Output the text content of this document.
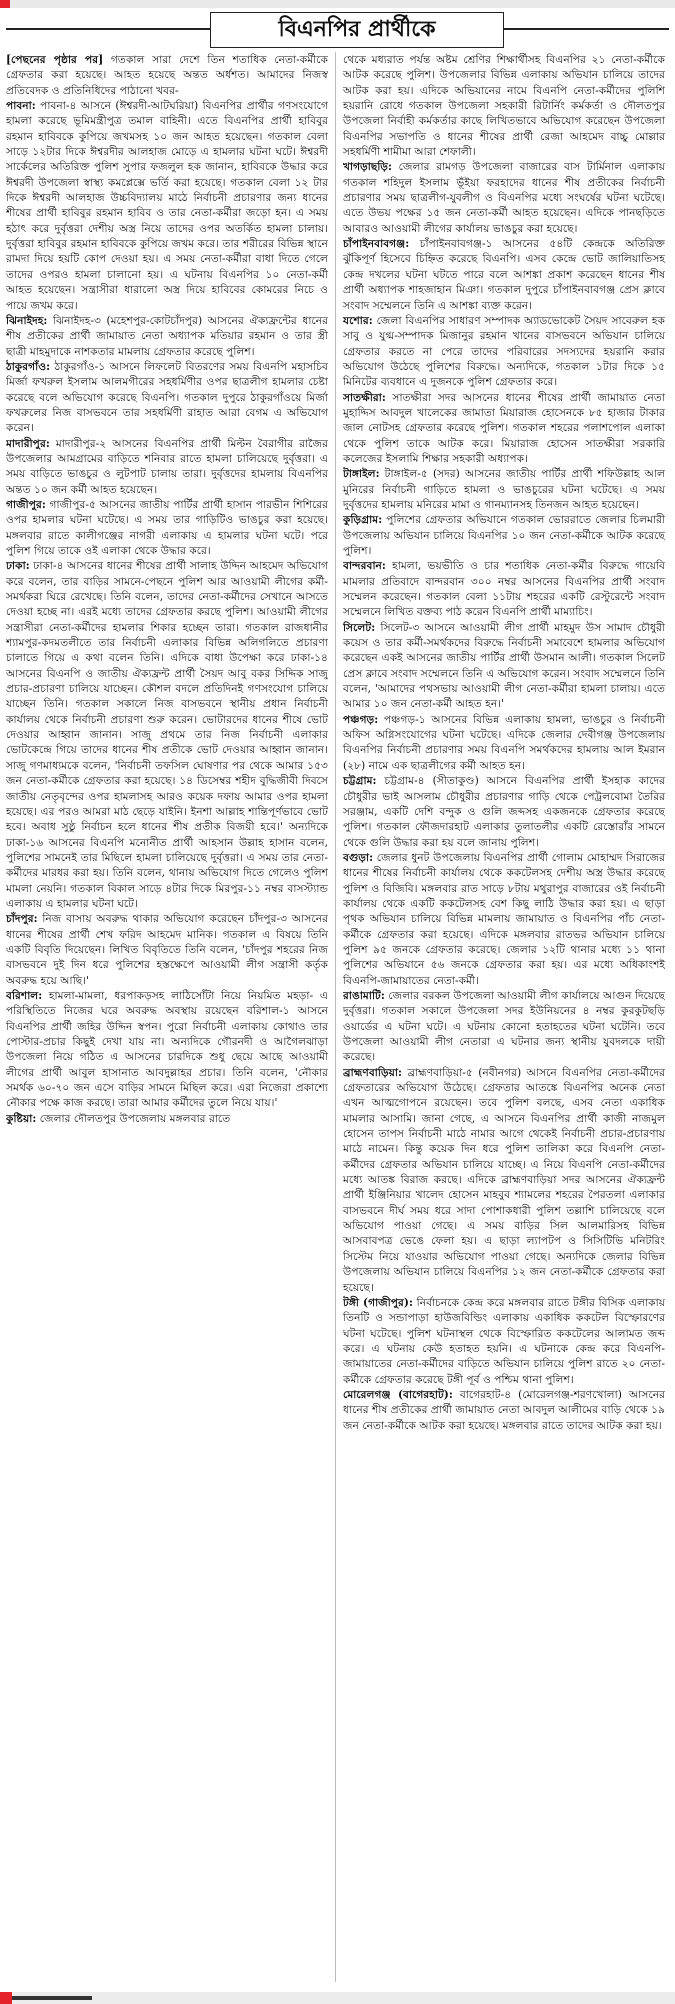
বিএনপির প্রার্থীকে

[পেছনের পৃষ্ঠার পর] গতকাল সারা দেশে তিন শতাধিক নেতা-কর্মীকে গ্রেফতার করা হয়েছে। আহত হয়েছে অন্তত অর্ধশত। আমাদের নিজস্ব প্রতিবেদক ও প্রতিনিধিদের পাঠানো খবর-

পাবনা: পাবনা-৪ আসনে (ঈশ্বরদী-আটঘরিয়া) বিএনপির প্রার্থীর গণসংযোগে হামলা করেছে ভূমিমন্ত্রীপুত্র তমাল বাহিনী। এতে বিএনপির প্রার্থী হাবিবুর রহমান হাবিবকে কুপিয়ে জখমসহ ১০ জন আহত হয়েছেন। গতকাল বেলা সাড়ে ১২টার দিকে ঈশ্বরদীর আলহাজ মোড়ে এ হামলার ঘটনা ঘটে। ঈশ্বরদী সার্কেলের অতিরিক্ত পুলিশ সুপার ফজলুল হক জানান, হাবিবকে উদ্ধার করে ঈশ্বরদী উপজেলা স্বাস্থ্য কমপ্লেক্সে ভর্তি করা হয়েছে। গতকাল বেলা ১২ টার দিকে ঈশ্বরদী আলহাজ উচ্চবিদ্যালয় মাঠে নির্বাচনী প্রচারণার জন্য ধানের শীষের প্রার্থী হাবিবুর রহমান হাবিব ও তার নেতা-কর্মীরা জড়ো হন। এ সময় হঠাৎ করে দুর্বৃত্তরা দেশীয় অস্ত্র নিয়ে তাদের ওপর অতর্কিত হামলা চালায়। দুর্বৃত্তরা হাবিবুর রহমান হাবিবকে কুপিয়ে জখম করে। তার শরীরের বিভিন্ন স্থানে রামদা দিয়ে হয়টি কোপ দেওয়া হয়। এ সময় নেতা-কর্মীরা বাধা দিতে গেলে তাদের ওপরও হামলা চালানো হয়। এ ঘটনায় বিএনপির ১০ নেতা-কর্মী আহত হয়েছেন। সন্ত্রাসীরা ধারালো অস্ত্র দিয়ে হাবিবের কোমরের নিচে ও পায়ে জখম করে।

ঝিনাইদহ: ঝিনাইদহ-৩ (মহেশপুর-কোটচাঁদপুর) আসনের ঐক্যফ্রন্টের ধানের শীষ প্রতীকের প্রার্থী জামায়াত নেতা অধ্যাপক মতিয়ার রহমান ও তার স্ত্রী ছাত্রী মাহমুদাকে নাশকতার মামলায় গ্রেফতার করেছে পুলিশ।

ঠাকুরগাঁও: ঠাকুরগাঁও-১ আসনে লিফলেট বিতরণের সময় বিএনপি মহাসচিব মির্জা ফখরুল ইসলাম আলমগীরের সহধর্মিণীর ওপর ছাত্রলীগ হামলার চেষ্টা করেছে বলে অভিযোগ করেছে বিএনপি। গতকাল দুপুরে ঠাকুরগাঁওয়ে মির্জা ফখরুলের নিজ বাসভবনে তার সহধর্মিণী রাহাত আরা বেগম এ অভিযোগ করেন।

মাদারীপুর: মাদারীপুর-২ আসনের বিএনপির প্রার্থী মিল্টন বৈরাগীর রাজৈর উপজেলার আমগ্রামের বাড়িতে শনিবার রাতে হামলা চালিয়েছে দুর্বৃত্তরা। এ সময় বাড়িতে ভাঙচুর ও লুটপাট চালায় তারা। দুর্বৃত্তদের হামলায় বিএনপির অন্তত ১০ জন কর্মী আহত হয়েছেন।

গাজীপুর: গাজীপুর-৫ আসনের জাতীয় পার্টির প্রার্থী হাসান পারভীন শিশিরের ওপর হামলার ঘটনা ঘটেছে। এ সময় তার গাড়িটিও ভাঙচুর করা হয়েছে। মঙ্গলবার রাতে কালীগঞ্জের নাগরী এলাকায় এ হামলার ঘটনা ঘটে। পরে পুলিশ গিয়ে তাকে ওই এলাকা থেকে উদ্ধার করে।

ঢাকা: ঢাকা-৪ আসনের ধানের শীষের প্রার্থী সালাহ উদ্দিন আহমেদ অভিযোগ করে বলেন, তার বাড়ির সামনে-পেছনে পুলিশ আর আওয়ামী লীগের কর্মী-সমর্থকরা ঘিরে রেখেছে। তিনি বলেন, তাদের নেতা-কর্মীদের সেখানে আসতে দেওয়া হচ্ছে না। এরই মধ্যে তাদের গ্রেফতার করছে পুলিশ। আওয়ামী লীগের সন্ত্রাসীরা নেতা-কর্মীদের হামলার শিকার হচ্ছেন তারা। গতকাল রাজধানীর শ্যামপুর-কদমতলীতে তার নির্বাচনী এলাকার বিভিন্ন অলিগলিতে প্রচারণা চালাতে গিয়ে এ কথা বলেন তিনি। এদিকে বাধা উপেক্ষা করে ঢাকা-১৪ আসনের বিএনপি ও জাতীয় ঐক্যফ্রন্ট প্রার্থী সৈয়দ আবু বকর সিদ্দিক সাজু প্রচার-প্রচারণা চালিয়ে যাচ্ছেন। কৌশল বদলে প্রতিদিনই গণসংযোগ চালিয়ে যাচ্ছেন তিনি। গতকাল সকালে নিজ বাসভবনে স্থানীয় প্রধান নির্বাচনী কার্যালয় থেকে নির্বাচনী প্রচারণা শুরু করেন। ভোটারদের ধানের শীষে ভোট দেওয়ার আহ্বান জানান। সাজু প্রথমে তার নিজ নির্বাচনী এলাকার ভোটকেন্দ্রে গিয়ে তাদের ধানের শীষ প্রতীকে ভোট দেওয়ার আহ্বান জানান। সাজু গণমাধ্যমকে বলেন, 'নির্বাচনী তফসিল ঘোষণার পর থেকে আমার ১৫৩ জন নেতা-কর্মীকে গ্রেফতার করা হয়েছে। ১৪ ডিসেম্বর শহীদ বুদ্ধিজীবী দিবসে জাতীয় নেতৃবৃন্দের ওপর হামলাসহ আরও কয়েক দফায় আমার ওপর হামলা হয়েছে। এর পরও আমরা মাঠ ছেড়ে যাইনি। ইনশা আল্লাহ শান্তিপূর্ণভাবে ভোট হবে। অবাধ সুষ্ঠু নির্বাচন হলে ধানের শীষ প্রতীক বিজয়ী হবে।' অন্যদিকে ঢাকা-১৬ আসনের বিএনপি মনোনীত প্রার্থী আহসান উল্লাহ হাসান বলেন, পুলিশের সামনেই তার মিছিলে হামলা চালিয়েছে দুর্বৃত্তরা। এ সময় তার নেতা-কর্মীদের মারধর করা হয়। তিনি বলেন, থানায় অভিযোগ দিতে গেলেও পুলিশ মামলা নেয়নি। গতকাল বিকাল সাড়ে ৪টার দিকে মিরপুর-১১ নম্বর বাসস্ট্যান্ড এলাকায় এ হামলার ঘটনা ঘটে।

চাঁদপুর: নিজ বাসায় অবরুদ্ধ থাকার অভিযোগ করেছেন চাঁদপুর-৩ আসনের ধানের শীষের প্রার্থী শেখ ফরিদ আহমেদ মানিক। গতকাল এ বিষয়ে তিনি একটি বিবৃতি দিয়েছেন। লিখিত বিবৃতিতে তিনি বলেন, 'চাঁদপুর শহরের নিজ বাসভবনে দুই দিন ধরে পুলিশের হস্তক্ষেপে আওয়ামী লীগ সন্ত্রাসী কর্তৃক অবরুদ্ধ হয়ে আছি।'

বরিশাল: হামলা-মামলা, ধরপাকড়সহ লাঠিসোঁটা নিয়ে নিয়মিত মহড়া- এ পরিস্থিতিতে নিজের ঘরে অবরুদ্ধ অবস্থায় রয়েছেন বরিশাল-১ আসনে বিএনপির প্রার্থী জহির উদ্দিন স্বপন। পুরো নির্বাচনী এলাকায় কোথাও তার পোস্টার-প্রচার কিছুই দেখা যায় না। অন্যদিকে গৌরনদী ও আগৈলঝাড়া উপজেলা নিয়ে গঠিত এ আসনের চারদিকে শুধু ছেয়ে আছে আওয়ামী লীগের প্রার্থী আবুল হাসানাত আবদুল্লাহর প্রচার। তিনি বলেন, 'নৌকার সমর্থক ৬০-৭০ জন এসে বাড়ির সামনে মিছিল করে। এরা নিজেরা প্রকাশ্যে নৌকার পক্ষে কাজ করছে। তারা আমার কর্মীদের তুলে নিয়ে যায়।'

কুষ্টিয়া: জেলার দৌলতপুর উপজেলায় মঙ্গলবার রাতে

থেকে মধ্যরাত পর্যন্ত অষ্টম শ্রেণির শিক্ষার্থীসহ বিএনপির ২১ নেতা-কর্মীকে আটক করেছে পুলিশ। উপজেলার বিভিন্ন এলাকায় অভিযান চালিয়ে তাদের আটক করা হয়। এদিকে অভিযানের নামে বিএনপি নেতা-কর্মীদের পুলিশি হয়রানি রোধে গতকাল উপজেলা সহকারী রিটার্নিং কর্মকর্তা ও দৌলতপুর উপজেলা নির্বাহী কর্মকর্তার কাছে লিখিতভাবে অভিযোগ করেছেন উপজেলা বিএনপির সভাপতি ও ধানের শীষের প্রার্থী রেজা আহমেদ বাচ্চু মোল্লার সহধর্মিণী শামীমা আরা শেফালী।

খাগড়াছড়ি: জেলার রামগড় উপজেলা বাজারের বাস টার্মিনাল এলাকায় গতকাল শহিদুল ইসলাম ভূঁইয়া ফরহাদের ধানের শীষ প্রতীকের নির্বাচনী প্রচারণার সময় ছাত্রলীগ-যুবলীগ ও বিএনপির মধ্যে সংঘর্ষের ঘটনা ঘটেছে। এতে উভয় পক্ষের ১৫ জন নেতা-কর্মী আহত হয়েছেন। এদিকে পানছড়িতে আবারও আওয়ামী লীগের কার্যালয় ভাঙচুর করা হয়েছে।

চাঁপাইনবাবগঞ্জ: চাঁপাইনবাবগঞ্জ-১ আসনের ৫৪টি কেন্দ্রকে অতিরিক্ত ঝুঁকিপূর্ণ হিসেবে চিহ্নিত করেছে বিএনপি। এসব কেন্দ্রে ভোট জালিয়াতিসহ কেন্দ্র দখলের ঘটনা ঘটতে পারে বলে আশঙ্কা প্রকাশ করেছেন ধানের শীষ প্রার্থী অধ্যাপক শাহজাহান মিঞা। গতকাল দুপুরে চাঁপাইনবাবগঞ্জ প্রেস ক্লাবে সংবাদ সম্মেলনে তিনি এ আশঙ্কা ব্যক্ত করেন।

যশোর: জেলা বিএনপির সাধারণ সম্পাদক অ্যাডভোকেট সৈয়দ সাবেরুল হক সাবু ও যুগ্ম-সম্পাদক মিজানুর রহমান খানের বাসভবনে অভিযান চালিয়ে গ্রেফতার করতে না পেরে তাদের পরিবারের সদস্যদের হয়রানি করার অভিযোগ উঠেছে পুলিশের বিরুদ্ধে। অন্যদিকে, গতকাল ১টার দিকে ১৫ মিনিটের ব্যবধানে এ দুজনকে পুলিশ গ্রেফতার করে।

সাতক্ষীরা: সাতক্ষীরা সদর আসনের ধানের শীষের প্রার্থী জামায়াত নেতা মুহাদ্দিস আবদুল খালেকের জামাতা মিয়ারাজ হোসেনকে ৮৫ হাজার টাকার জাল নোটসহ গ্রেফতার করেছে পুলিশ। গতকাল শহরের পলাশপোল এলাকা থেকে পুলিশ তাকে আটক করে। মিয়ারাজ হোসেন সাতক্ষীরা সরকারি কলেজের ইসলামি শিক্ষার সহকারী অধ্যাপক।

টাঙ্গাইল: টাঙ্গাইল-৫ (সদর) আসনের জাতীয় পার্টির প্রার্থী শফিউল্লাহ আল মুনিরের নির্বাচনী গাড়িতে হামলা ও ভাঙচুরের ঘটনা ঘটেছে। এ সময় দুর্বৃত্তদের হামলায় মনিরের মামা ও গানম্যানসহ তিনজন আহত হয়েছেন।

কুড়িগ্রাম: পুলিশের গ্রেফতার অভিযানে গতকাল ভোররাতে জেলার চিলমারী উপজেলায় অভিযান চালিয়ে বিএনপির ১০ জন নেতা-কর্মীকে আটক করেছে পুলিশ।

বান্দরবান: হামলা, ভয়ভীতি ও চার শতাধিক নেতা-কর্মীর বিরুদ্ধে গায়েবি মামলার প্রতিবাদে বান্দরবান ৩০০ নম্বর আসনের বিএনপির প্রার্থী সংবাদ সম্মেলন করেছেন। গতকাল বেলা ১১টায় শহরের একটি রেস্টুরেন্টে সংবাদ সম্মেলনে লিখিত বক্তব্য পাঠ করেন বিএনপি প্রার্থী মাম্যাচিং।

সিলেট: সিলেট-৩ আসনে আওয়ামী লীগ প্রার্থী মাহমুদ উস সামাদ চৌধুরী কয়েস ও তার কর্মী-সমর্থকদের বিরুদ্ধে নির্বাচনী সমাবেশে হামলার অভিযোগ করেছেন একই আসনের জাতীয় পার্টির প্রার্থী উসমান আলী। গতকাল সিলেট প্রেস ক্লাবে সংবাদ সম্মেলনে তিনি এ অভিযোগ করেন। সংবাদ সম্মেলনে তিনি বলেন, 'আমাদের পথসভায় আওয়ামী লীগ নেতা-কর্মীরা হামলা চালায়। এতে আমার ১০ জন নেতা-কর্মী আহত হন।'

পঞ্চগড়: পঞ্চগড়-১ আসনের বিভিন্ন এলাকায় হামলা, ভাঙচুর ও নির্বাচনী অফিস অগ্নিসংযোগের ঘটনা ঘটেছে। এদিকে জেলার দেবীগঞ্জ উপজেলায় বিএনপির নির্বাচনী প্রচারণার সময় বিএনপি সমর্থকদের হামলায় আল ইমরান (২৮) নামে এক ছাত্রলীগের কর্মী আহত হন।

চট্টগ্রাম: চট্টগ্রাম-৪ (সীতাকুণ্ড) আসনে বিএনপির প্রার্থী ইসহাক কাদের চৌধুরীর ভাই আসলাম চৌধুরীর প্রচারণার গাড়ি থেকে পেট্রলবোমা তৈরির সরঞ্জাম, একটি দেশি বন্দুক ও গুলি জব্দসহ একজনকে গ্রেফতার করেছে পুলিশ। গতকাল ফৌজদারহাট এলাকার তুলাতলীর একটি রেস্তোরাঁর সামনে থেকে গুলি উদ্ধার করা হয় বলে জানায় পুলিশ।

বগুড়া: জেলার ধুনট উপজেলায় বিএনপির প্রার্থী গোলাম মোহাম্মদ সিরাজের ধানের শীষের নির্বাচনী কার্যালয় থেকে ককটেলসহ দেশীয় অস্ত্র উদ্ধার করেছে পুলিশ ও বিজিবি। মঙ্গলবার রাত সাড়ে ৮টায় মথুরাপুর বাজারের ওই নির্বাচনী কার্যালয় থেকে একটি ককটেলসহ বেশ কিছু লাঠি উদ্ধার করা হয়। এ ছাড়া পৃথক অভিযান চালিয়ে বিভিন্ন মামলায় জামায়াত ও বিএনপির পাঁচ নেতা-কর্মীকে গ্রেফতার করা হয়েছে। এদিকে মঙ্গলবার রাতভর অভিযান চালিয়ে পুলিশ ৯৫ জনকে গ্রেফতার করেছে। জেলার ১২টি থানার মধ্যে ১১ থানা পুলিশের অভিযানে ৫৬ জনকে গ্রেফতার করা হয়। এর মধ্যে অধিকাংশই বিএনপি-জামায়াতের নেতা-কর্মী।

রাঙামাটি: জেলার বরকল উপজেলা আওয়ামী লীগ কার্যালয়ে আগুন দিয়েছে দুর্বৃত্তরা। গতকাল সকালে উপজেলা সদর ইউনিয়নের ৪ নম্বর কুরকুটছড়ি ওয়ার্ডের এ ঘটনা ঘটে। এ ঘটনায় কোনো হতাহতের ঘটনা ঘটেনি। তবে উপজেলা আওয়ামী লীগ নেতারা এ ঘটনার জন্য স্থানীয় যুবদলকে দায়ী করেছে।

ব্রাহ্মণবাড়িয়া: ব্রাহ্মণবাড়িয়া-৫ (নবীনগর) আসনে বিএনপির নেতা-কর্মীদের গ্রেফতারের অভিযোগ উঠেছে। গ্রেফতার আতঙ্কে বিএনপির অনেক নেতা এখন আত্মগোপনে রয়েছেন। তবে পুলিশ বলছে, এসব নেতা একাধিক মামলার আসামি। জানা গেছে, এ আসনে বিএনপির প্রার্থী কাজী নাজমুল হোসেন তাপস নির্বাচনী মাঠে নামার আগে থেকেই নির্বাচনী প্রচার-প্রচারণায় মাঠে নামেন। কিন্তু কয়েক দিন ধরে পুলিশ তালিকা করে বিএনপি নেতা-কর্মীদের গ্রেফতার অভিযান চালিয়ে যাচ্ছে। এ নিয়ে বিএনপি নেতা-কর্মীদের মধ্যে আতঙ্ক বিরাজ করছে। এদিকে ব্রাহ্মণবাড়িয়া সদর আসনের ঐক্যফ্রন্ট প্রার্থী ইঞ্জিনিয়ার খালেদ হোসেন মাহবুব শ্যামলের শহরের পৈরতলা এলাকার বাসভবনে দীর্ঘ সময় ধরে সাদা পোশাকধারী পুলিশ তল্লাশি চালিয়েছে বলে অভিযোগ পাওয়া গেছে। এ সময় বাড়ির সিল আলমারিসহ বিভিন্ন আসবাবপত্র ভেঙে ফেলা হয়। এ ছাড়া ল্যাপটপ ও সিসিটিভি মনিটরিং সিস্টেম নিয়ে যাওয়ার অভিযোগ পাওয়া গেছে। অন্যদিকে জেলার বিভিন্ন উপজেলায় অভিযান চালিয়ে বিএনপির ১২ জন নেতা-কর্মীকে গ্রেফতার করা হয়েছে।

টঙ্গী (গাজীপুর): নির্বাচনকে কেন্দ্র করে মঙ্গলবার রাতে টঙ্গীর বিসিক এলাকায় তিনটি ও সন্ডাপাড়া হাউজবিল্ডিং এলাকায় একাধিক ককটেল বিস্ফোরণের ঘটনা ঘটেছে। পুলিশ ঘটনাস্থল থেকে বিস্ফোরিত ককটেলের আলামত জব্দ করে। এ ঘটনায় কেউ হতাহত হয়নি। এ ঘটনাকে কেন্দ্র করে বিএনপি-জামায়াতের নেতা-কর্মীদের বাড়িতে অভিযান চালিয়ে পুলিশ রাতে ২০ নেতা-কর্মীকে গ্রেফতার করেছে টঙ্গী পূর্ব ও পশ্চিম থানা পুলিশ।

মোরেলগঞ্জ (বাগেরহাট): বাগেরহাট-৪ (মোরেলগঞ্জ-শরণখোলা) আসনের ধানের শীষ প্রতীকের প্রার্থী জামায়াত নেতা আবদুল আলীমের বাড়ি থেকে ১৯ জন নেতা-কর্মীকে আটক করা হয়েছে। মঙ্গলবার রাতে তাদের আটক করা হয়।
